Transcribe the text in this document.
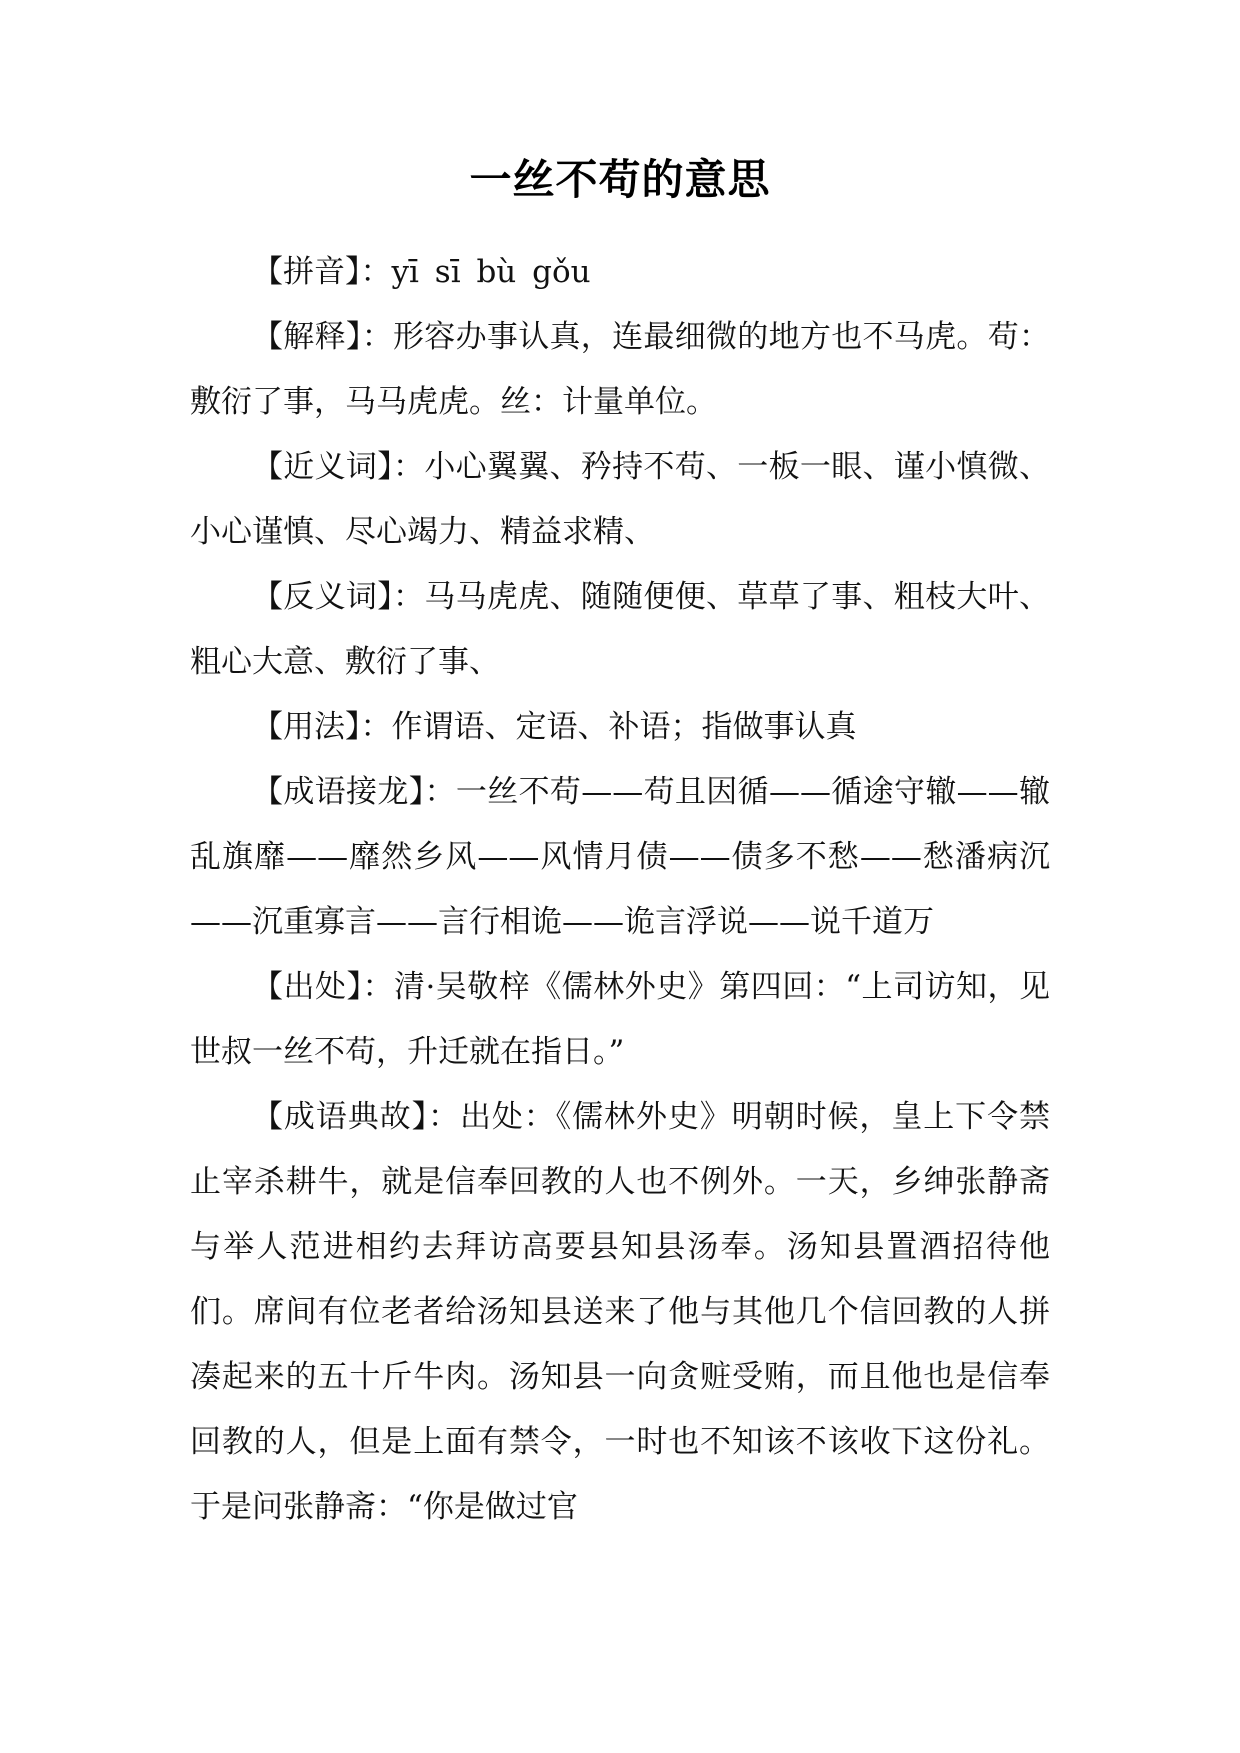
一丝不苟的意思

【拼音】：yī sī bù gǒu

【解释】：形容办事认真，连最细微的地方也不马虎。苟：敷衍了事，马马虎虎。丝：计量单位。

【近义词】：小心翼翼、矜持不苟、一板一眼、谨小慎微、小心谨慎、尽心竭力、精益求精、

【反义词】：马马虎虎、随随便便、草草了事、粗枝大叶、粗心大意、敷衍了事、

【用法】：作谓语、定语、补语；指做事认真

【成语接龙】：一丝不苟——苟且因循——循途守辙——辙乱旗靡——靡然乡风——风情月债——债多不愁——愁潘病沉——沉重寡言——言行相诡——诡言浮说——说千道万

【出处】：清·吴敬梓《儒林外史》第四回：“上司访知，见世叔一丝不苟，升迁就在指日。”

【成语典故】：出处：《儒林外史》明朝时候，皇上下令禁止宰杀耕牛，就是信奉回教的人也不例外。一天，乡绅张静斋与举人范进相约去拜访高要县知县汤奉。汤知县置酒招待他们。席间有位老者给汤知县送来了他与其他几个信回教的人拼凑起来的五十斤牛肉。汤知县一向贪赃受贿，而且他也是信奉回教的人，但是上面有禁令，一时也不知该不该收下这份礼。于是问张静斋：“你是做过官
